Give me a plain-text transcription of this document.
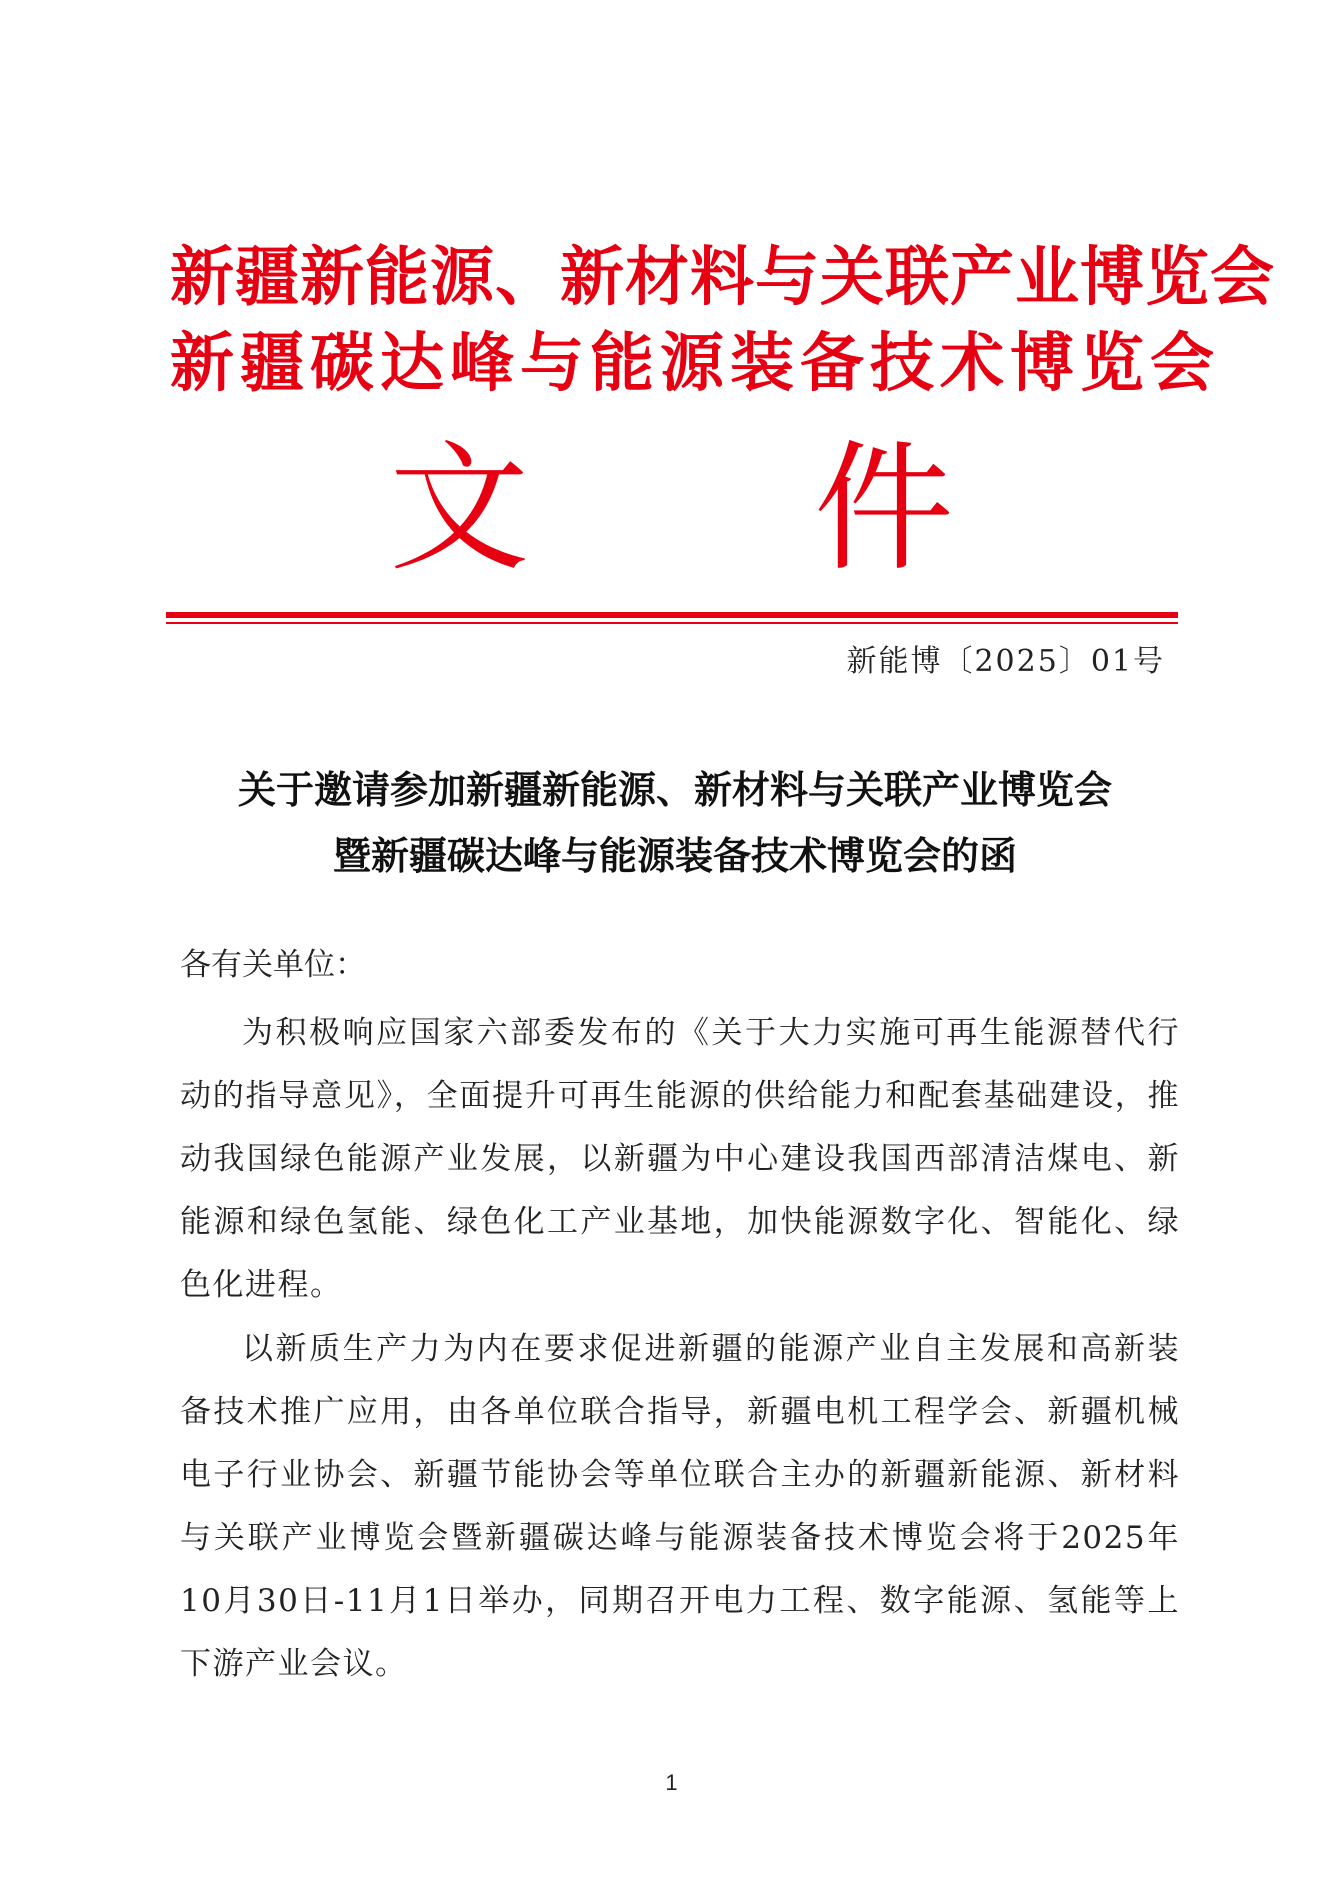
新疆新能源、新材料与关联产业博览会
新疆碳达峰与能源装备技术博览会
文 件
新能博〔2025〕01号
关于邀请参加新疆新能源、新材料与关联产业博览会
暨新疆碳达峰与能源装备技术博览会的函
各有关单位：

为积极响应国家六部委发布的《关于大力实施可再生能源替代行动的指导意见》，全面提升可再生能源的供给能力和配套基础建设，推动我国绿色能源产业发展，以新疆为中心建设我国西部清洁煤电、新能源和绿色氢能、绿色化工产业基地，加快能源数字化、智能化、绿色化进程。

以新质生产力为内在要求促进新疆的能源产业自主发展和高新装备技术推广应用，由各单位联合指导，新疆电机工程学会、新疆机械电子行业协会、新疆节能协会等单位联合主办的新疆新能源、新材料与关联产业博览会暨新疆碳达峰与能源装备技术博览会将于2025年10月30日-11月1日举办，同期召开电力工程、数字能源、氢能等上下游产业会议。

1
